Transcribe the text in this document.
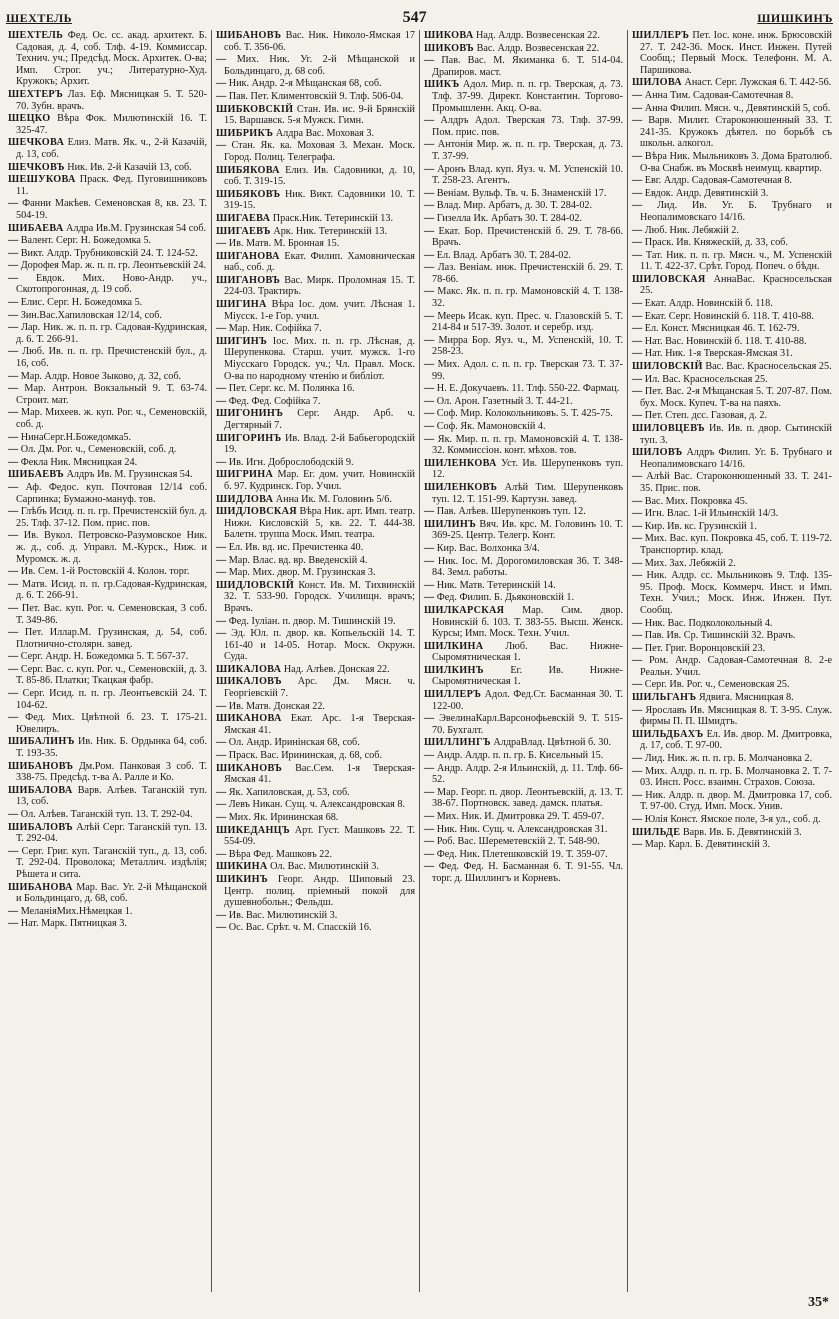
ШЕХТЕЛЬ	547	ШИШКИНЪ

ШЕХТЕЛЬ Фед. Ос. сс. акад. архитект. Б. Садовая, д. 4, соб. Тлф. 4-19. Коммиссар. Технич. уч.; Предсѣд. Моск. Архитек. О-ва; Имп. Строг. уч.; Литературно-Худ. Кружокъ; Архит.

ШЕХТЕРЪ Лаз. Еф. Мясницкая 5. Т. 520-70. Зубн. врачъ.

ШЕЦКО Вѣра Фок. Милютинскій 16. Т. 325-47.

ШЕЧКОВА Елиз. Матв. Як. ч., 2-й Казачій, д. 13, соб.

ШЕЧКОВЪ Ник. Ив. 2-й Казачій 13, соб.

ШЕШУКОВА Праск. Фед. Пуговишниковъ 11.

— Фанни Макѣев. Семеновская 8, кв. 23. Т. 504-19.

ШИБАЕВА Алдра Ив.М. Грузинская 54 соб.

— Валент. Серг. Н. Божедомка 5.

— Викт. Алдр. Трубниковскій 24. Т. 124-52.

— Дорофея Мар. ж. п. п. гр. Леонтьевскій 24.

— Евдок. Мих. Ново-Андр. уч., Скотопрогонная, д. 19 соб.

— Елис. Серг. Н. Божедомка 5.

— Зин.Вас.Хапиловская 12/14, соб.

— Лар. Ник. ж. п. п. гр. Садовая-Кудринская, д. 6. Т. 266-91.

— Люб. Ив. п. п. гр. Пречистенскій бул., д. 16, соб.

— Мар. Алдр. Новое Зыково, д. 32, соб.

— Мар. Антрон. Вокзальный 9. Т. 63-74. Строит. мат.

— Мар. Михеев. ж. куп. Рог. ч., Семеновскій, соб. д.

— НинаСерг.Н.Божедомка5.

— Ол. Дм. Рог. ч., Семеновскій, соб. д.

— Фекла Ник. Мясницкая 24.

ШИБАЕВЪ Алдръ Ив. М. Грузинская 54.

— Аф. Федос. куп. Почтовая 12/14 соб. Сарпинка; Бумажно-мануф. тов.

— Глѣбъ Исид. п. п. гр. Пречистенскій бул. д. 25. Тлф. 37-12. Пом. прис. пов.

— Ив. Вукол. Петровско-Разумовское Ник. ж. д., соб. д. Управл. М.-Курск., Ниж. и Муромск. ж. д.

— Ив. Сем. 1-й Ростовскій 4. Колон. торг.

— Матв. Исид. п. п. гр.Садовая-Кудринская, д. 6. Т. 266-91.

— Пет. Вас. куп. Рог. ч. Семеновская, 3 соб. Т. 349-86.

— Пет. Иллар.М. Грузинская, д. 54, соб. Плотнично-столярн. завед.

— Серг. Андр. Н. Божедомка 5. Т. 567-37.

— Серг. Вас. с. куп. Рог. ч., Семеновскій, д. 3. Т. 85-86. Платки; Ткацкая фабр.

— Серг. Исид. п. п. гр. Леонтьевскій 24. Т. 104-62.

— Фед. Мих. Цвѣтной б. 23. Т. 175-21. Ювелиръ.

ШИБАЛИНЪ Ив. Ник. Б. Ордынка 64, соб. Т. 193-35.

ШИБАНОВЪ Дм.Ром. Панковая 3 соб. Т. 338-75. Предсѣд. т-ва А. Ралле и Ко.

ШИБАЛОВА Варв. Алѣев. Таганскій туп. 13, соб.

— Ол. Алѣев. Таганскій туп. 13. Т. 292-04.

ШИБАЛОВЪ Алѣй Серг. Таганскій туп. 13. Т. 292-04.

— Серг. Григ. куп. Таганскій туп., д. 13, соб. Т. 292-04. Проволока; Металлич. издѣлія; Рѣшета и сита.

ШИБАНОВА Мар. Вас. Уг. 2-й Мѣщанской и Больдинцаго, д. 68, соб.

— МеланіяМих.Нѣмецкая 1.

— Нат. Марк. Пятницкая 3.

ШИБАНОВЪ Вас. Ник. Николо-Ямская 17 соб. Т. 356-06.

— Мих. Ник. Уг. 2-й Мѣщанской и Больдинцаго, д. 68 соб.

— Ник. Андр. 2-я Мѣщанская 68, соб.

— Пав. Пет. Климентовскій 9. Тлф. 506-04.

ШИБКОВСКІЙ Стан. Ив. ис. 9-й Брянскій 15. Варшавск. 5-я Мужск. Гимн.

ШИБРИКЪ Алдра Вас. Моховая 3.

— Стан. Як. ка. Моховая 3. Механ. Моск. Город. Полиц. Телеграфа.

ШИБЯКОВА Елиз. Ив. Садовники, д. 10, соб. Т. 319-15.

ШИБЯКОВЪ Ник. Викт. Садовники 10. Т. 319-15.

ШИГАЕВА Праск.Ник. Тетеринскій 13.

ШИГАЕВЪ Арк. Ник. Тетеринскій 13.

— Ив. Матв. М. Бронная 15.

ШИГАНОВА Екат. Филип. Хамовническая наб., соб. д.

ШИГАНОВЪ Вас. Мирк. Проломная 15. Т. 224-03. Трактиръ.

ШИГИНА Вѣра Іос. дом. учит. Лѣсная 1. Міусск. 1-е Гор. учил.

— Мар. Ник. Софійка 7.

ШИГИНЪ Іос. Мих. п. п. гр. Лѣсная, д. Шерупенкова. Старш. учит. мужск. 1-го Міусскаго Городск. уч.; Чл. Правл. Моск. О-ва по народному чтенію и библіот.

— Пет. Серг. кс. М. Полянка 16.

— Фед. Фед. Софійка 7.

ШИГОНИНЪ Серг. Андр. Арб. ч. Дегтярный 7.

ШИГОРИНЪ Ив. Влад. 2-й Бабьегородскій 19.

— Ив. Игн. Доброслободскій 9.

ШИГРИНА Мар. Ег. дом. учит. Новинскій б. 97. Кудринск. Гор. Учил.

ШИДЛОВА Анна Ик. М. Головинъ 5/6.

ШИДЛОВСКАЯ Вѣра Ник. арт. Имп. театр. Нижн. Кисловскій 5, кв. 22. Т. 444-38. Балетн. труппа Моск. Имп. театра.

— Ел. Ив. вд. ис. Пречистенка 40.

— Мар. Влас. вд. вр. Введенскій 4.

— Мар. Мих. двор. М. Грузинская 3.

ШИДЛОВСКІЙ Конст. Ив. М. Тихвинскій 32. Т. 533-90. Городск. Училищн. врачъ; Врачъ.

— Фед. Іуліан. п. двор. М. Тишинскій 19.

— Эд. Юл. п. двор. кв. Копьельскій 14. Т. 161-40 и 14-05. Нотар. Моск. Окружн. Суда.

ШИКАЛОВА Над. Алѣев. Донская 22.

ШИКАЛОВЪ Арс. Дм. Мясн. ч. Георгіевскій 7.

— Ив. Матв. Донская 22.

ШИКАНОВА Екат. Арс. 1-я Тверская-Ямская 41.

— Ол. Андр. Иринінская 68, соб.

— Праск. Вас. Ирининская, д. 68, соб.

ШИКАНОВЪ Вас.Сем. 1-я Тверская-Ямская 41.

— Як. Хапиловская, д. 53, соб.

— Левъ Никан. Сущ. ч. Александровская 8.

— Мих. Як. Ирининская 68.

ШИКЕДАНЦЪ Арт. Густ. Машковъ 22. Т. 554-09.

— Вѣра Фед. Машковъ 22.

ШИКИНА Ол. Вас. Милютинскій 3.

ШИКИНЪ Георг. Андр. Шиповый 23. Центр. полиц. пріемный покой для душевнобольн.; Фельдш.

— Ив. Вас. Милютинскій 3.

— Ос. Вас. Срѣт. ч. М. Спасскій 16.

ШИКОВА Над. Алдр. Возвесенская 22.

ШИКОВЪ Вас. Алдр. Возвесенская 22.

— Пав. Вас. М. Якиманка 6. Т. 514-04. Драпиров. маст.

ШИКЪ Адол. Мир. п. п. гр. Тверская, д. 73. Тлф. 37-99. Директ. Константин. Торгово-Промышленн. Акц. О-ва.

— Алдръ Адол. Тверская 73. Тлф. 37-99. Пом. прис. пов.

— Антонія Мир. ж. п. п. гр. Тверская, д. 73. Т. 37-99.

— Аронъ Влад. куп. Яуз. ч. М. Успенскій 10. Т. 258-23. Агентъ.

— Веніам. Вульф. Тв. ч. Б. Знаменскій 17.

— Влад. Мир. Арбатъ, д. 30. Т. 284-02.

— Гизелла Ик. Арбатъ 30. Т. 284-02.

— Екат. Бор. Пречистенскій б. 29. Т. 78-66. Врачъ.

— Ел. Влад. Арбатъ 30. Т. 284-02.

— Лаз. Веніам. инж. Пречистенскій б. 29. Т. 78-66.

— Макс. Як. п. п. гр. Мамоновскій 4. Т. 138-32.

— Меерь Исак. куп. Прес. ч. Глазовскій 5. Т. 214-84 и 517-39. Золот. и серебр. изд.

— Мирра Бор. Яуз. ч., М. Успенскій, 10. Т. 258-23.

— Мих. Адол. с. п. п. гр. Тверская 73. Т. 37-99.

— Н. Е. Докучаевъ. 11. Тлф. 550-22. Фармац.

— Ол. Арон. Газетный 3. Т. 44-21.

— Соф. Мир. Колокольниковъ. 5. Т. 425-75.

— Соф. Як. Мамоновскій 4.

— Як. Мир. п. п. гр. Мамоновскій 4. Т. 138-32. Коммиссіон. конт. мѣхов. тов.

ШИЛЕНКОВА Уст. Ив. Шерупенковъ туп. 12.

ШИЛЕНКОВЪ Алѣй Тим. Шерупенковъ туп. 12. Т. 151-99. Картузн. завед.

— Пав. Алѣев. Шерупенковъ туп. 12.

ШИЛИНЪ Вяч. Ив. крс. М. Головинъ 10. Т. 369-25. Центр. Телегр. Конт.

— Кир. Вас. Волхонка 3/4.

— Ник. Іос. М. Дорогомиловская 36. Т. 348-84. Земл. работы.

— Ник. Матв. Тетеринскій 14.

— Фед. Филип. Б. Дьяконовскій 1.

ШИЛКАРСКАЯ Мар. Сим. двор. Новинскій б. 103. Т. 383-55. Высш. Женск. Курсы; Имп. Моск. Техн. Учил.

ШИЛКИНА Люб. Вас. Нижне-Сыромятническая 1.

ШИЛКИНЪ Ег. Ив. Нижне-Сыромятническая 1.

ШИЛЛЕРЪ Адол. Фед.Ст. Басманная 30. Т. 122-00.

— ЭвелинаКарл.Варсонофьевскій 9. Т. 515-70. Бухгалт.

ШИЛЛИНГЪ АлдраВлад. Цвѣтной б. 30.

— Андр. Алдр. п. п. гр. Б. Кисельный 15.

— Андр. Алдр. 2-я Ильинскій, д. 11. Тлф. 66-52.

— Мар. Георг. п. двор. Леонтьевскій, д. 13. Т. 38-67. Портновск. завед. дамск. платья.

— Мих. Ник. И. Дмитровка 29. Т. 459-07.

— Ник. Ник. Сущ. ч. Александровская 31.

— Роб. Вас. Шереметевскій 2. Т. 548-90.

— Фед. Ник. Плетешковскій 19. Т. 359-07.

— Фед. Фед. Н. Басманная 6. Т. 91-55. Чл. торг. д. Шиллингъ и Корневъ.

ШИЛЛЕРЪ Пет. Іос. коне. инж. Брюсовскій 27. Т. 242-36. Моск. Инст. Инжен. Путей Сообщ.; Первый Моск. Телефонн. М. А. Паршикова.

ШИЛОВА Анаст. Серг. Лужская 6. Т. 442-56.

— Анна Тим. Садовая-Самотечная 8.

— Анна Филип. Мясн. ч., Девятинскій 5, соб.

— Варв. Милит. Староконюшенный 33. Т. 241-35. Кружокъ дѣятел. по борьбѣ съ школьн. алкогол.

— Вѣра Ник. Мыльниковъ 3. Дома Братолюб. О-ва Снабж. въ Москвѣ неимущ. квартир.

— Евг. Алдр. Садовая-Самотечная 8.

— Евдок. Андр. Девятинскій 3.

— Лид. Ив. Уг. Б. Трубнаго и Неопалимовскаго 14/16.

— Люб. Ник. Лебяжій 2.

— Праск. Ив. Княжескій, д. 33, соб.

— Тат. Ник. п. п. гр. Мясн. ч., М. Успенскій 11. Т. 422-37. Срѣт. Город. Попеч. о бѣдн.

ШИЛОВСКАЯ АннаВас. Красносельская 25.

— Екат. Алдр. Новинскій б. 118.

— Екат. Серг. Новинскій б. 118. Т. 410-88.

— Ел. Конст. Мясницкая 46. Т. 162-79.

— Нат. Вас. Новинскій б. 118. Т. 410-88.

— Нат. Ник. 1-я Тверская-Ямская 31.

ШИЛОВСКІЙ Вас. Вас. Красносельская 25.

— Ил. Вас. Красносельская 25.

— Пет. Вас. 2-я Мѣщанская 5. Т. 207-87. Пом. бух. Моск. Купеч. Т-ва на паяхъ.

— Пет. Степ. дсс. Газовая, д. 2.

ШИЛОВЦЕВЪ Ив. Ив. п. двор. Сытинскій туп. 3.

ШИЛОВЪ Алдръ Филип. Уг. Б. Трубнаго и Неопалимовскаго 14/16.

— Алѣй Вас. Староконюшенный 33. Т. 241-35. Прис. пов.

— Вас. Мих. Покровка 45.

— Игн. Влас. 1-й Ильинскій 14/3.

— Кир. Ив. кс. Грузинскій 1.

— Мих. Вас. куп. Покровка 45, соб. Т. 119-72. Транспортир. клад.

— Мих. Зах. Лебяжій 2.

— Ник. Алдр. сс. Мыльниковъ 9. Тлф. 135-95. Проф. Моск. Коммерч. Инст. и Имп. Техн. Учил.; Моск. Инж. Инжен. Пут. Сообщ.

— Ник. Вас. Подколокольный 4.

— Пав. Ив. Ср. Тишинскій 32. Врачъ.

— Пет. Григ. Воронцовскій 23.

— Ром. Андр. Садовая-Самотечная 8. 2-е Реальн. Учил.

— Серг. Ив. Рог. ч., Семеновская 25.

ШИЛЬГАНЪ Ядвига. Мясницкая 8.

— Ярославъ Ив. Мясницкая 8. Т. 3-95. Служ. фирмы П. П. Шмидтъ.

ШИЛЬДБАХЪ Ел. Ив. двор. М. Дмитровка, д. 17, соб. Т. 97-00.

— Лид. Ник. ж. п. п. гр. Б. Молчановка 2.

— Мих. Алдр. п. п. гр. Б. Молчановка 2. Т. 7-03. Инсп. Росс. взаимн. Страхов. Союза.

— Ник. Алдр. п. двор. М. Дмитровка 17, соб. Т. 97-00. Студ. Имп. Моск. Унив.

— Юлія Конст. Ямское поле, 3-я ул., соб. д.

ШИЛЬДЕ Варв. Ив. Б. Девятинскій 3.

— Мар. Карл. Б. Девятинскій 3.

35*
